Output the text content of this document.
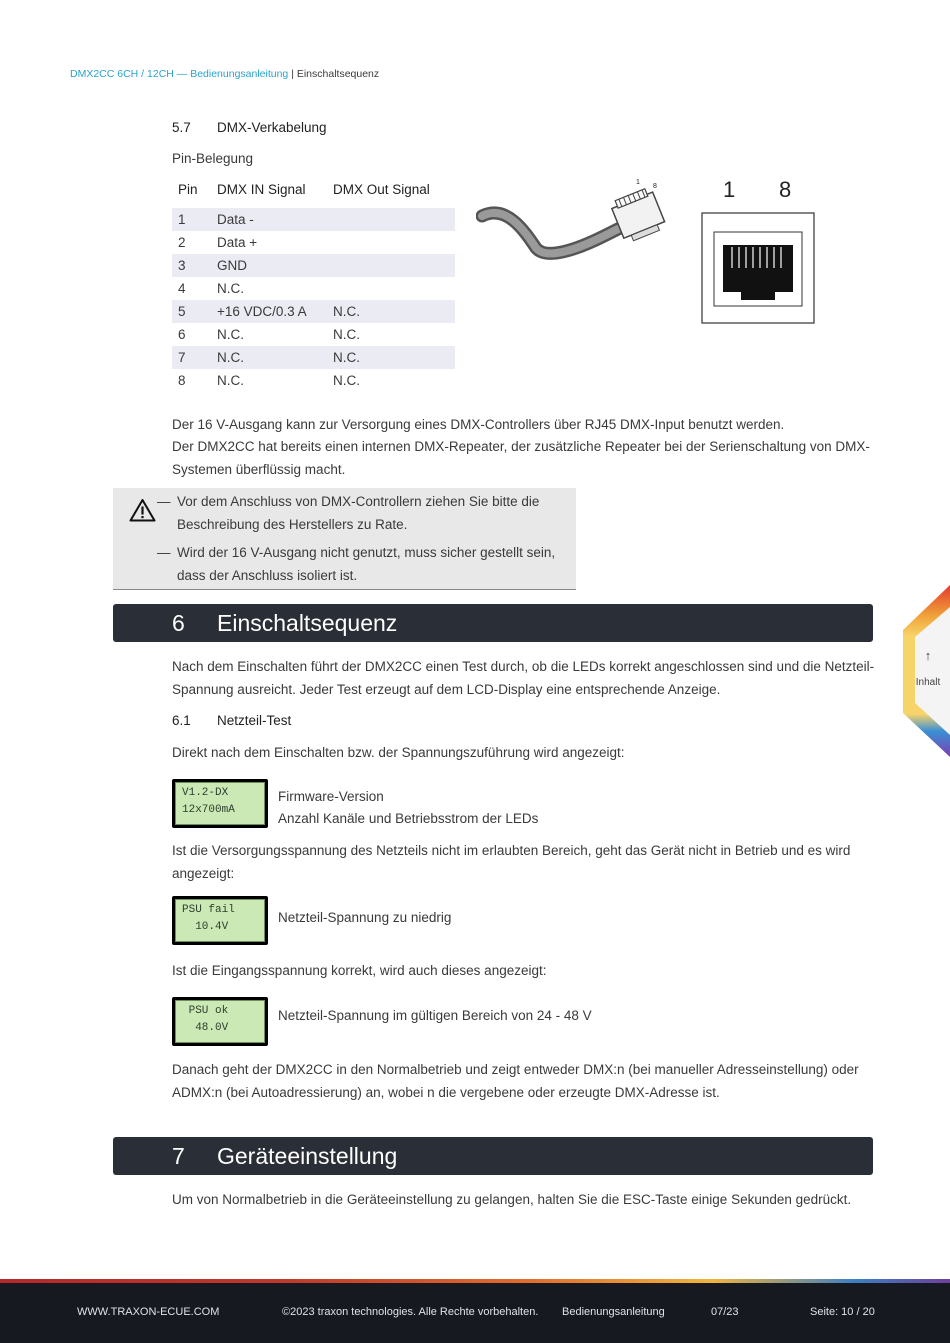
DMX2CC 6CH / 12CH — Bedienungsanleitung | Einschaltsequenz
5.7 DMX-Verkabelung
Pin-Belegung
Pin	DMX IN Signal	DMX Out Signal
1	Data -
2	Data +
3	GND
4	N.C.
5	+16 VDC/0.3 A	N.C.
6	N.C.	N.C.
7	N.C.	N.C.
8	N.C.	N.C.
1
8	1 8
Der 16 V-Ausgang kann zur Versorgung eines DMX-Controllers über RJ45 DMX-Input benutzt werden.
Der DMX2CC hat bereits einen internen DMX-Repeater, der zusätzliche Repeater bei der Serienschaltung von DMX-Systemen überflüssig macht.
— Vor dem Anschluss von DMX-Controllern ziehen Sie bitte die Beschreibung des Herstellers zu Rate.
— Wird der 16 V-Ausgang nicht genutzt, muss sicher gestellt sein, dass der Anschluss isoliert ist.
6 Einschaltsequenz
Nach dem Einschalten führt der DMX2CC einen Test durch, ob die LEDs korrekt angeschlossen sind und die Netzteil-Spannung ausreicht. Jeder Test erzeugt auf dem LCD-Display eine entsprechende Anzeige.
6.1 Netzteil-Test
Direkt nach dem Einschalten bzw. der Spannungszuführung wird angezeigt:
V1.2-DX
12x700mA
Firmware-Version
Anzahl Kanäle und Betriebsstrom der LEDs
Ist die Versorgungsspannung des Netzteils nicht im erlaubten Bereich, geht das Gerät nicht in Betrieb und es wird angezeigt:
PSU fail
10.4V
Netzteil-Spannung zu niedrig
Ist die Eingangsspannung korrekt, wird auch dieses angezeigt:
PSU ok
48.0V
Netzteil-Spannung im gültigen Bereich von 24 - 48 V
Danach geht der DMX2CC in den Normalbetrieb und zeigt entweder DMX:n (bei manueller Adresseinstellung) oder ADMX:n (bei Autoadressierung) an, wobei n die vergebene oder erzeugte DMX-Adresse ist.
7 Geräteeinstellung
Um von Normalbetrieb in die Geräteeinstellung zu gelangen, halten Sie die ESC-Taste einige Sekunden gedrückt.
↑
Inhalt
WWW.TRAXON-ECUE.COM	©2023 traxon technologies. Alle Rechte vorbehalten. Bedienungsanleitung	07/23	Seite: 10 / 20
